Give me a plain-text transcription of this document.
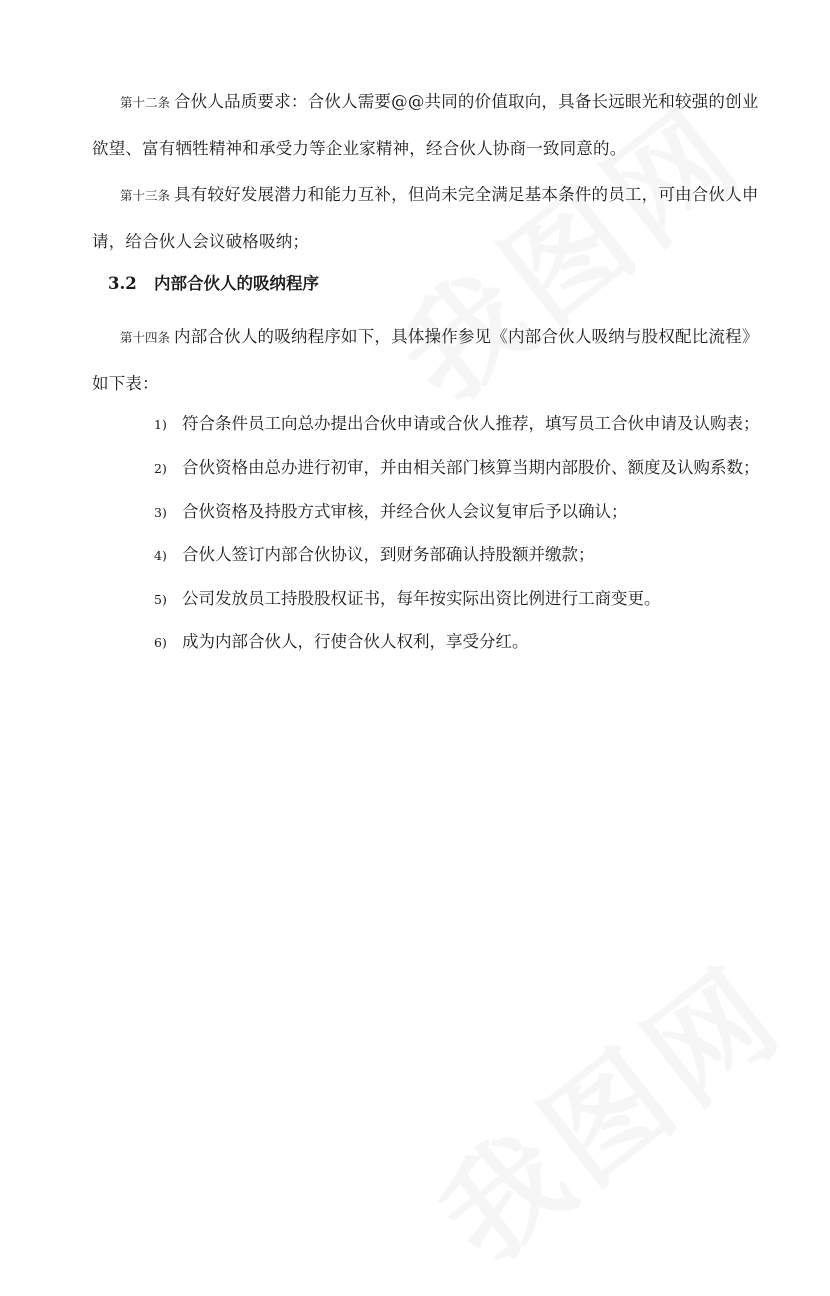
第十二条 合伙人品质要求：合伙人需要@@共同的价值取向，具备长远眼光和较强的创业欲望、富有牺牲精神和承受力等企业家精神，经合伙人协商一致同意的。

第十三条 具有较好发展潜力和能力互补，但尚未完全满足基本条件的员工，可由合伙人申请，给合伙人会议破格吸纳；

3.2 内部合伙人的吸纳程序

第十四条 内部合伙人的吸纳程序如下，具体操作参见《内部合伙人吸纳与股权配比流程》如下表：

1) 符合条件员工向总办提出合伙申请或合伙人推荐，填写员工合伙申请及认购表；

2) 合伙资格由总办进行初审，并由相关部门核算当期内部股价、额度及认购系数；

3) 合伙资格及持股方式审核，并经合伙人会议复审后予以确认；

4) 合伙人签订内部合伙协议，到财务部确认持股额并缴款；

5) 公司发放员工持股股权证书，每年按实际出资比例进行工商变更。

6) 成为内部合伙人，行使合伙人权利，享受分红。
